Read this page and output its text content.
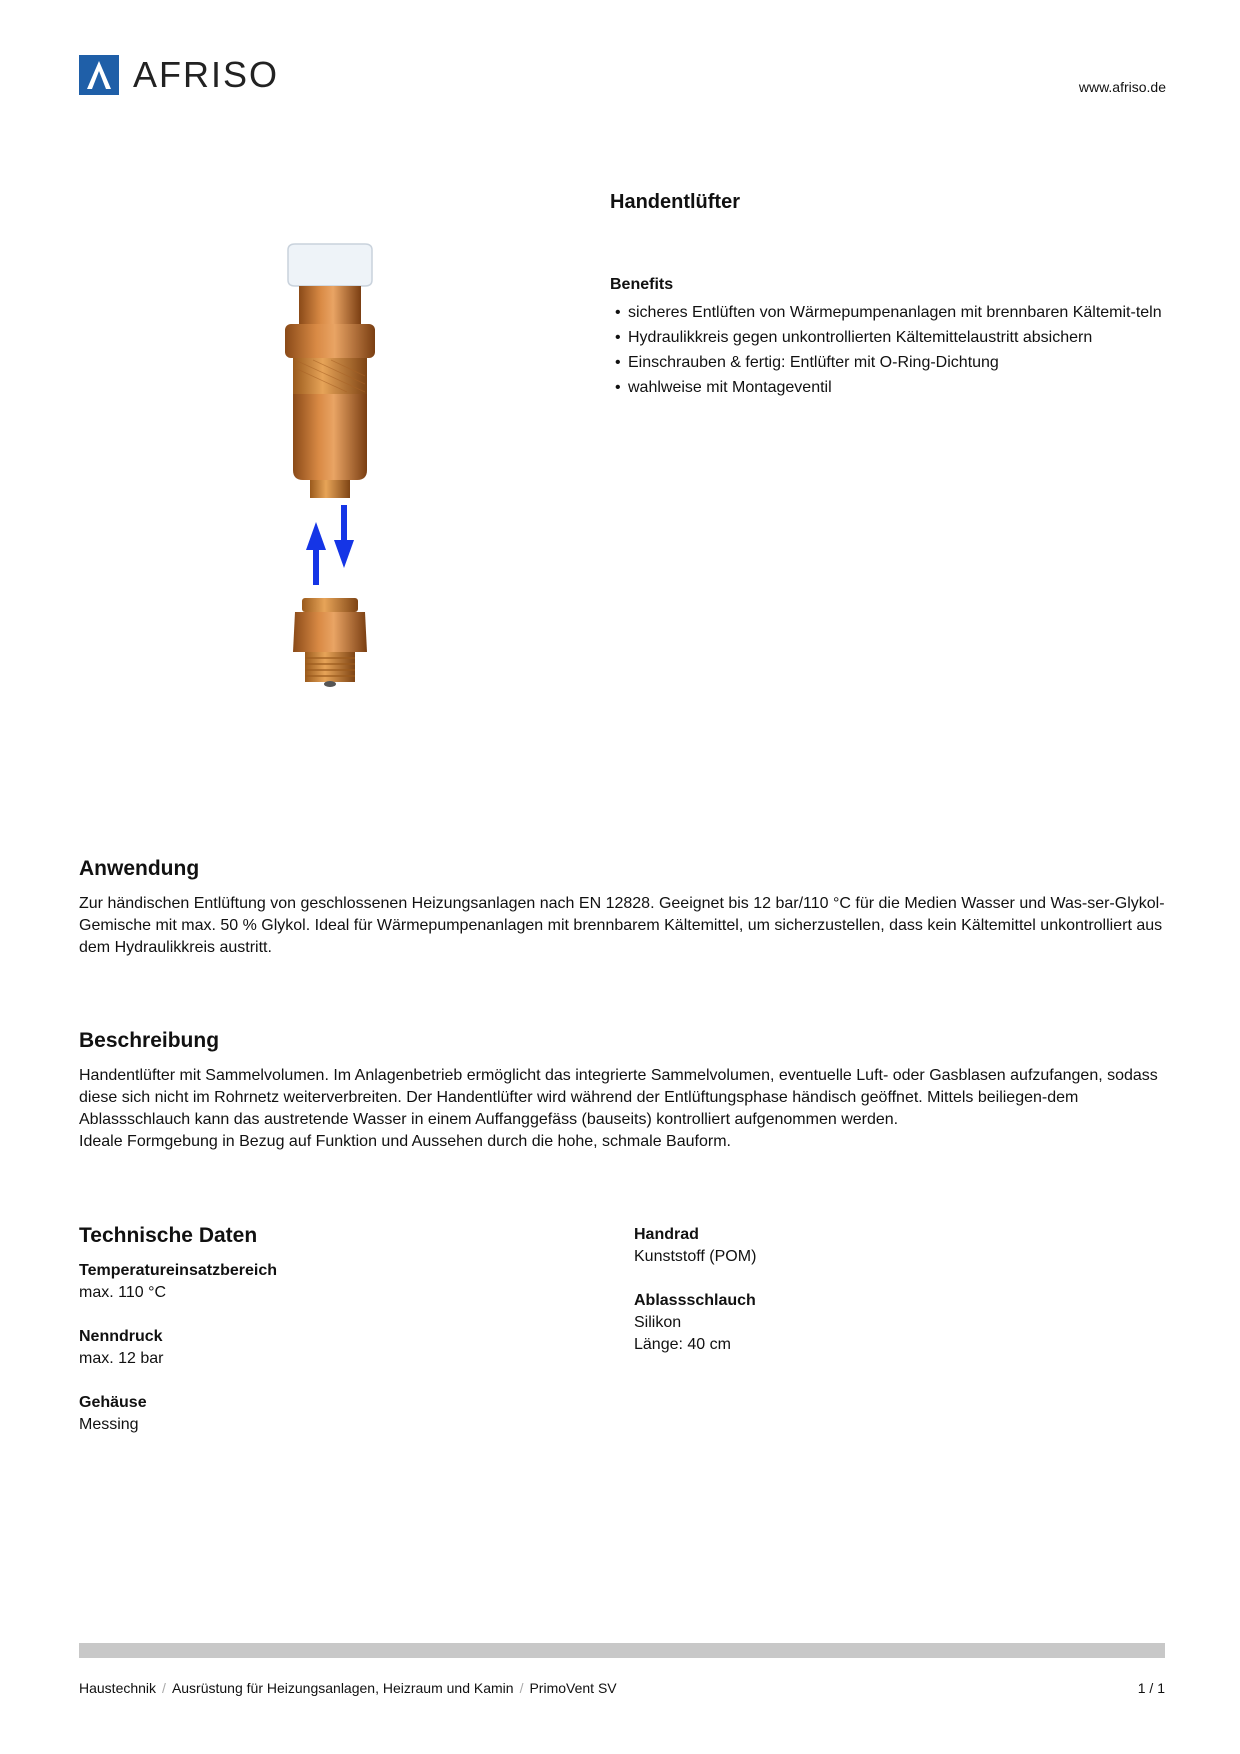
AFRISO	www.afriso.de
Handentlüfter
Benefits
• sicheres Entlüften von Wärmepumpenanlagen mit brennbaren Kältemit-teln
• Hydraulikkreis gegen unkontrollierten Kältemittelaustritt absichern
• Einschrauben & fertig: Entlüfter mit O-Ring-Dichtung
• wahlweise mit Montageventil
Anwendung

Zur händischen Entlüftung von geschlossenen Heizungsanlagen nach EN 12828. Geeignet bis 12 bar/110 °C für die Medien Wasser und Was-ser-Glykol-Gemische mit max. 50 % Glykol. Ideal für Wärmepumpenanlagen mit brennbarem Kältemittel, um sicherzustellen, dass kein Kältemittel unkontrolliert aus dem Hydraulikkreis austritt.

Beschreibung

Handentlüfter mit Sammelvolumen. Im Anlagenbetrieb ermöglicht das integrierte Sammelvolumen, eventuelle Luft- oder Gasblasen aufzufangen, sodass diese sich nicht im Rohrnetz weiterverbreiten. Der Handentlüfter wird während der Entlüftungsphase händisch geöffnet. Mittels beiliegen-dem Ablassschlauch kann das austretende Wasser in einem Auffanggefäss (bauseits) kontrolliert aufgenommen werden.

Ideale Formgebung in Bezug auf Funktion und Aussehen durch die hohe, schmale Bauform.

Technische Daten
Temperatureinsatzbereich
max. 110 °C
Nenndruck
max. 12 bar
Gehäuse
Messing
Handrad
Kunststoff (POM)
Ablassschlauch
Silikon
Länge: 40 cm
Haustechnik / Ausrüstung für Heizungsanlagen, Heizraum und Kamin / PrimoVent SV	1 / 1
